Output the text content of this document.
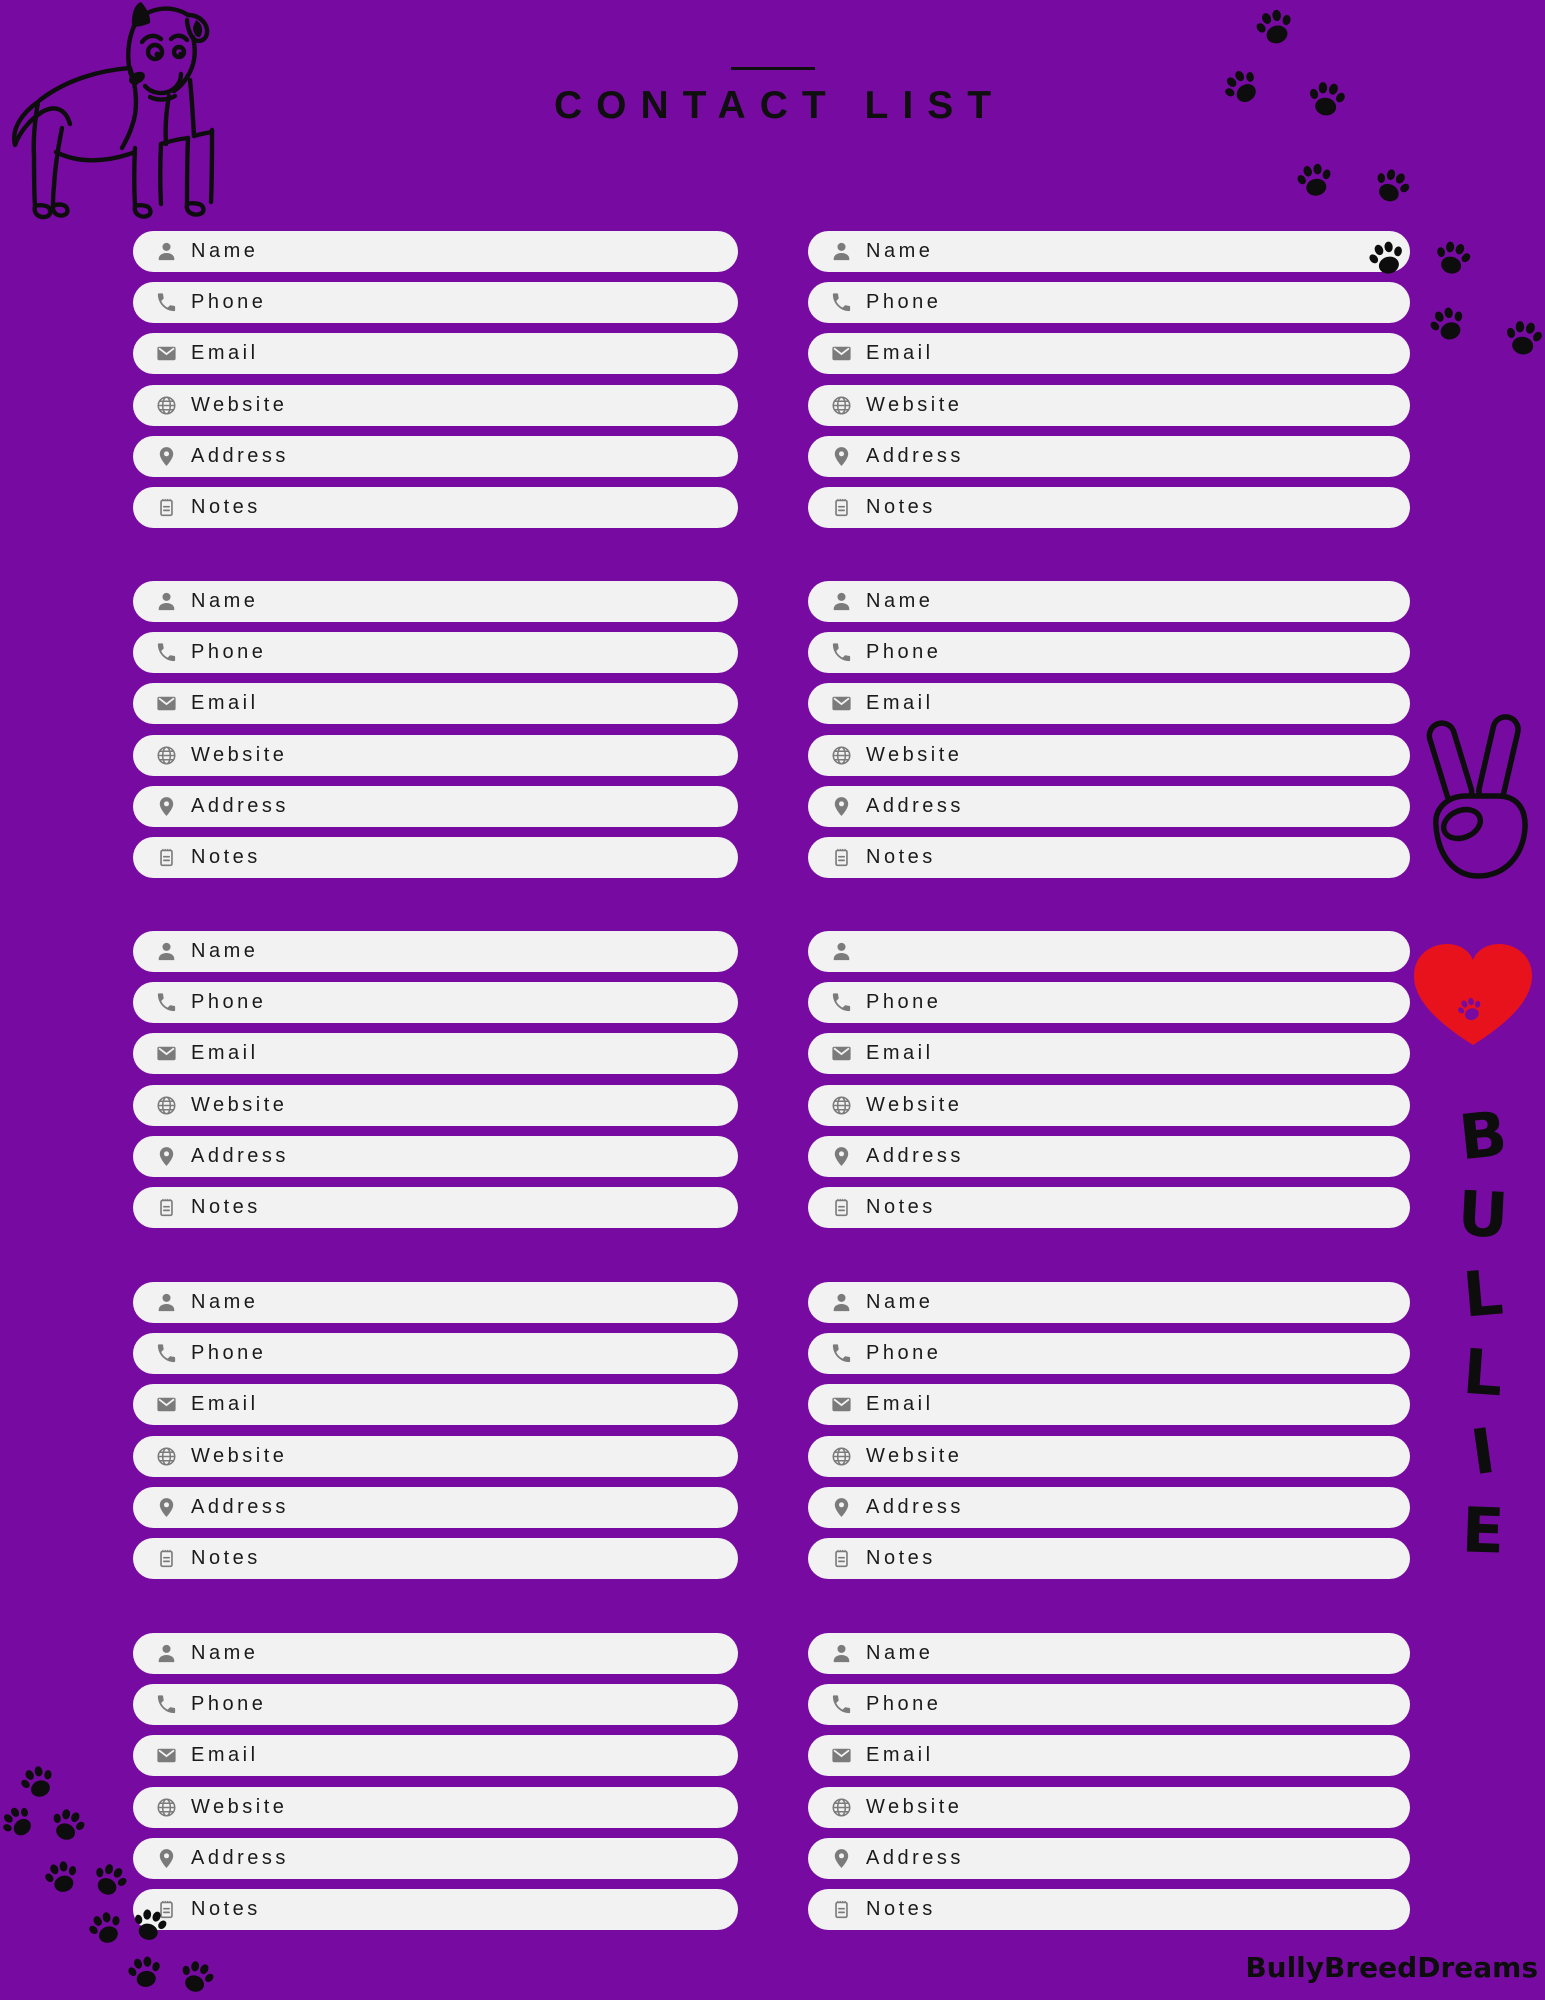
CONTACT LIST
Name
Phone
Email
Website
Address
Notes
Name
Phone
Email
Website
Address
Notes
Name
Phone
Email
Website
Address
Notes
Name
Phone
Email
Website
Address
Notes
Name
Phone
Email
Website
Address
Notes
Phone
Email
Website
Address
Notes
Name
Phone
Email
Website
Address
Notes
Name
Phone
Email
Website
Address
Notes
Name
Phone
Email
Website
Address
Notes
Name
Phone
Email
Website
Address
Notes
B
U
L
L
I
E
BullyBreedDreams
